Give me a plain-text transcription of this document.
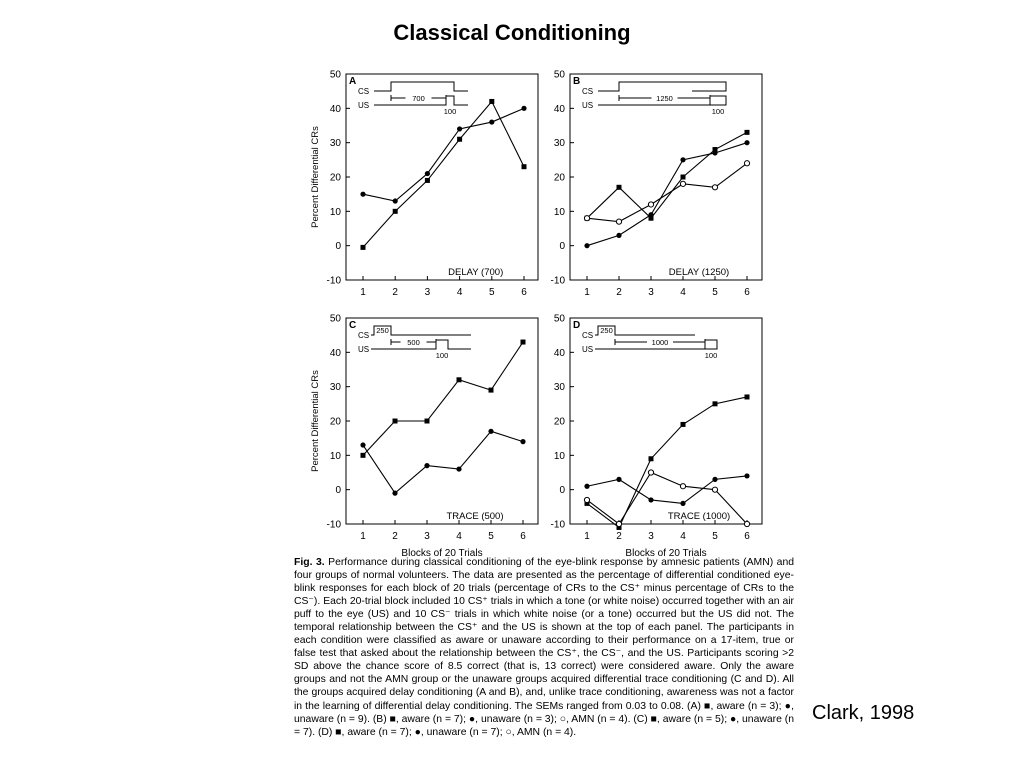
Classical Conditioning
A
50
40
30
20
10
0
-10
1	2	3	4	5	6
Percent Differential CRs
DELAY (700)
CS
US
700
100
B
50
40
30
20
10
0
-10
1	2	3	4	5	6
DELAY (1250)
CS
US
1250
100
C
50
40
30
20
10
0
-10
1	2	3	4	5	6
Percent Differential CRs
Blocks of 20 Trials
TRACE (500)
CS
US
250
500
100
D
50
40
30
20
10
0
-10
1	2	3	4	5	6
Blocks of 20 Trials
TRACE (1000)
CS
US
250
1000
100
Fig. 3. Performance during classical conditioning of the eye-blink response by amnesic patients (AMN) and four groups of normal volunteers. The data are presented as the percentage of differential conditioned eye-blink responses for each block of 20 trials (percentage of CRs to the CS⁺ minus percentage of CRs to the CS⁻). Each 20-trial block included 10 CS⁺ trials in which a tone (or white noise) occurred together with an air puff to the eye (US) and 10 CS⁻ trials in which white noise (or a tone) occurred but the US did not. The temporal relationship between the CS⁺ and the US is shown at the top of each panel. The participants in each condition were classified as aware or unaware according to their performance on a 17-item, true or false test that asked about the relationship between the CS⁺, the CS⁻, and the US. Participants scoring >2 SD above the chance score of 8.5 correct (that is, 13 correct) were considered aware. Only the aware groups and not the AMN group or the unaware groups acquired differential trace conditioning (C and D). All the groups acquired delay conditioning (A and B), and, unlike trace conditioning, awareness was not a factor in the learning of differential delay conditioning. The SEMs ranged from 0.03 to 0.08. (A) ■, aware (n = 3); ●, unaware (n = 9). (B) ■, aware (n = 7); ●, unaware (n = 3); ○, AMN (n = 4). (C) ■, aware (n = 5); ●, unaware (n = 7). (D) ■, aware (n = 7); ●, unaware (n = 7); ○, AMN (n = 4).
Clark, 1998
